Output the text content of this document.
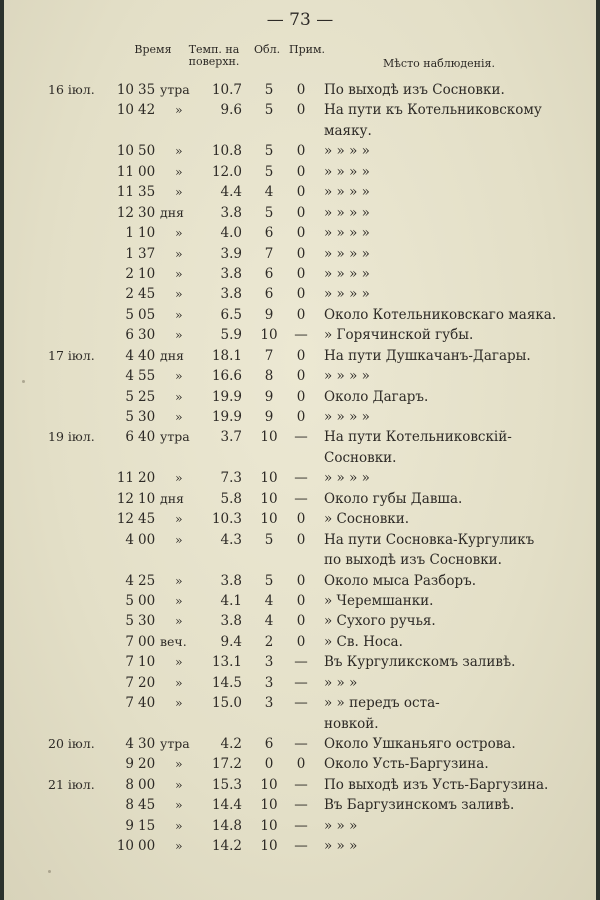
— 73 —
Время	Темп. на
поверхн.
Обл. Прим.
Мѣсто наблюденія.
16 iюл.	10 35 утра	10.7	5	0	По выходѣ изъ Сосновки.
10 42 »	9.6	5	0	На пути къ Котельниковскому
маяку.
10 50 »	10.8	5	0	» » » »
11 00 »	12.0	5	0	» » » »
11 35 »	4.4	4	0	» » » »
12 30 дня	3.8	5	0	» » » »
1 10 »	4.0	6	0	» » » »
1 37 »	3.9	7	0	» » » »
2 10 »	3.8	6	0	» » » »
2 45 »	3.8	6	0	» » » »
5 05 »	6.5	9	0	Около Котельниковскаго маяка.
6 30 »	5.9	10	—	» Горячинской губы.
17 iюл.	4 40 дня	18.1	7	0	На пути Душкачанъ-Дагары.
4 55 »	16.6	8	0	» » » »
5 25 »	19.9	9	0	Около Дагаръ.
5 30 »	19.9	9	0	» » » »
19 iюл.	6 40 утра	3.7	10	—	На пути Котельниковскій-
Сосновки.
11 20 »	7.3	10	—	» » » »
12 10 дня	5.8	10	—	Около губы Давша.
12 45 »	10.3	10	0	» Сосновки.
4 00 »	4.3	5	0	На пути Сосновка-Кургуликъ
по выходѣ изъ Сосновки.
4 25 »	3.8	5	0	Около мыса Разборъ.
5 00 »	4.1	4	0	» Черемшанки.
5 30 »	3.8	4	0	» Сухого ручья.
7 00 веч.	9.4	2	0	» Св. Носа.
7 10 »	13.1	3	—	Въ Кургуликскомъ заливѣ.
7 20 »	14.5	3	—	» » »
7 40 »	15.0	3	—	» » передъ оста-
новкой.
20 iюл.	4 30 утра	4.2	6	—	Около Ушканьяго острова.
9 20 »	17.2	0	0	Около Усть-Баргузина.
21 iюл.	8 00 »	15.3	10	—	По выходѣ изъ Усть-Баргузина.
8 45 »	14.4	10	—	Въ Баргузинскомъ заливѣ.
9 15 »	14.8	10	—	» » »
10 00 »	14.2	10	—	» » »
